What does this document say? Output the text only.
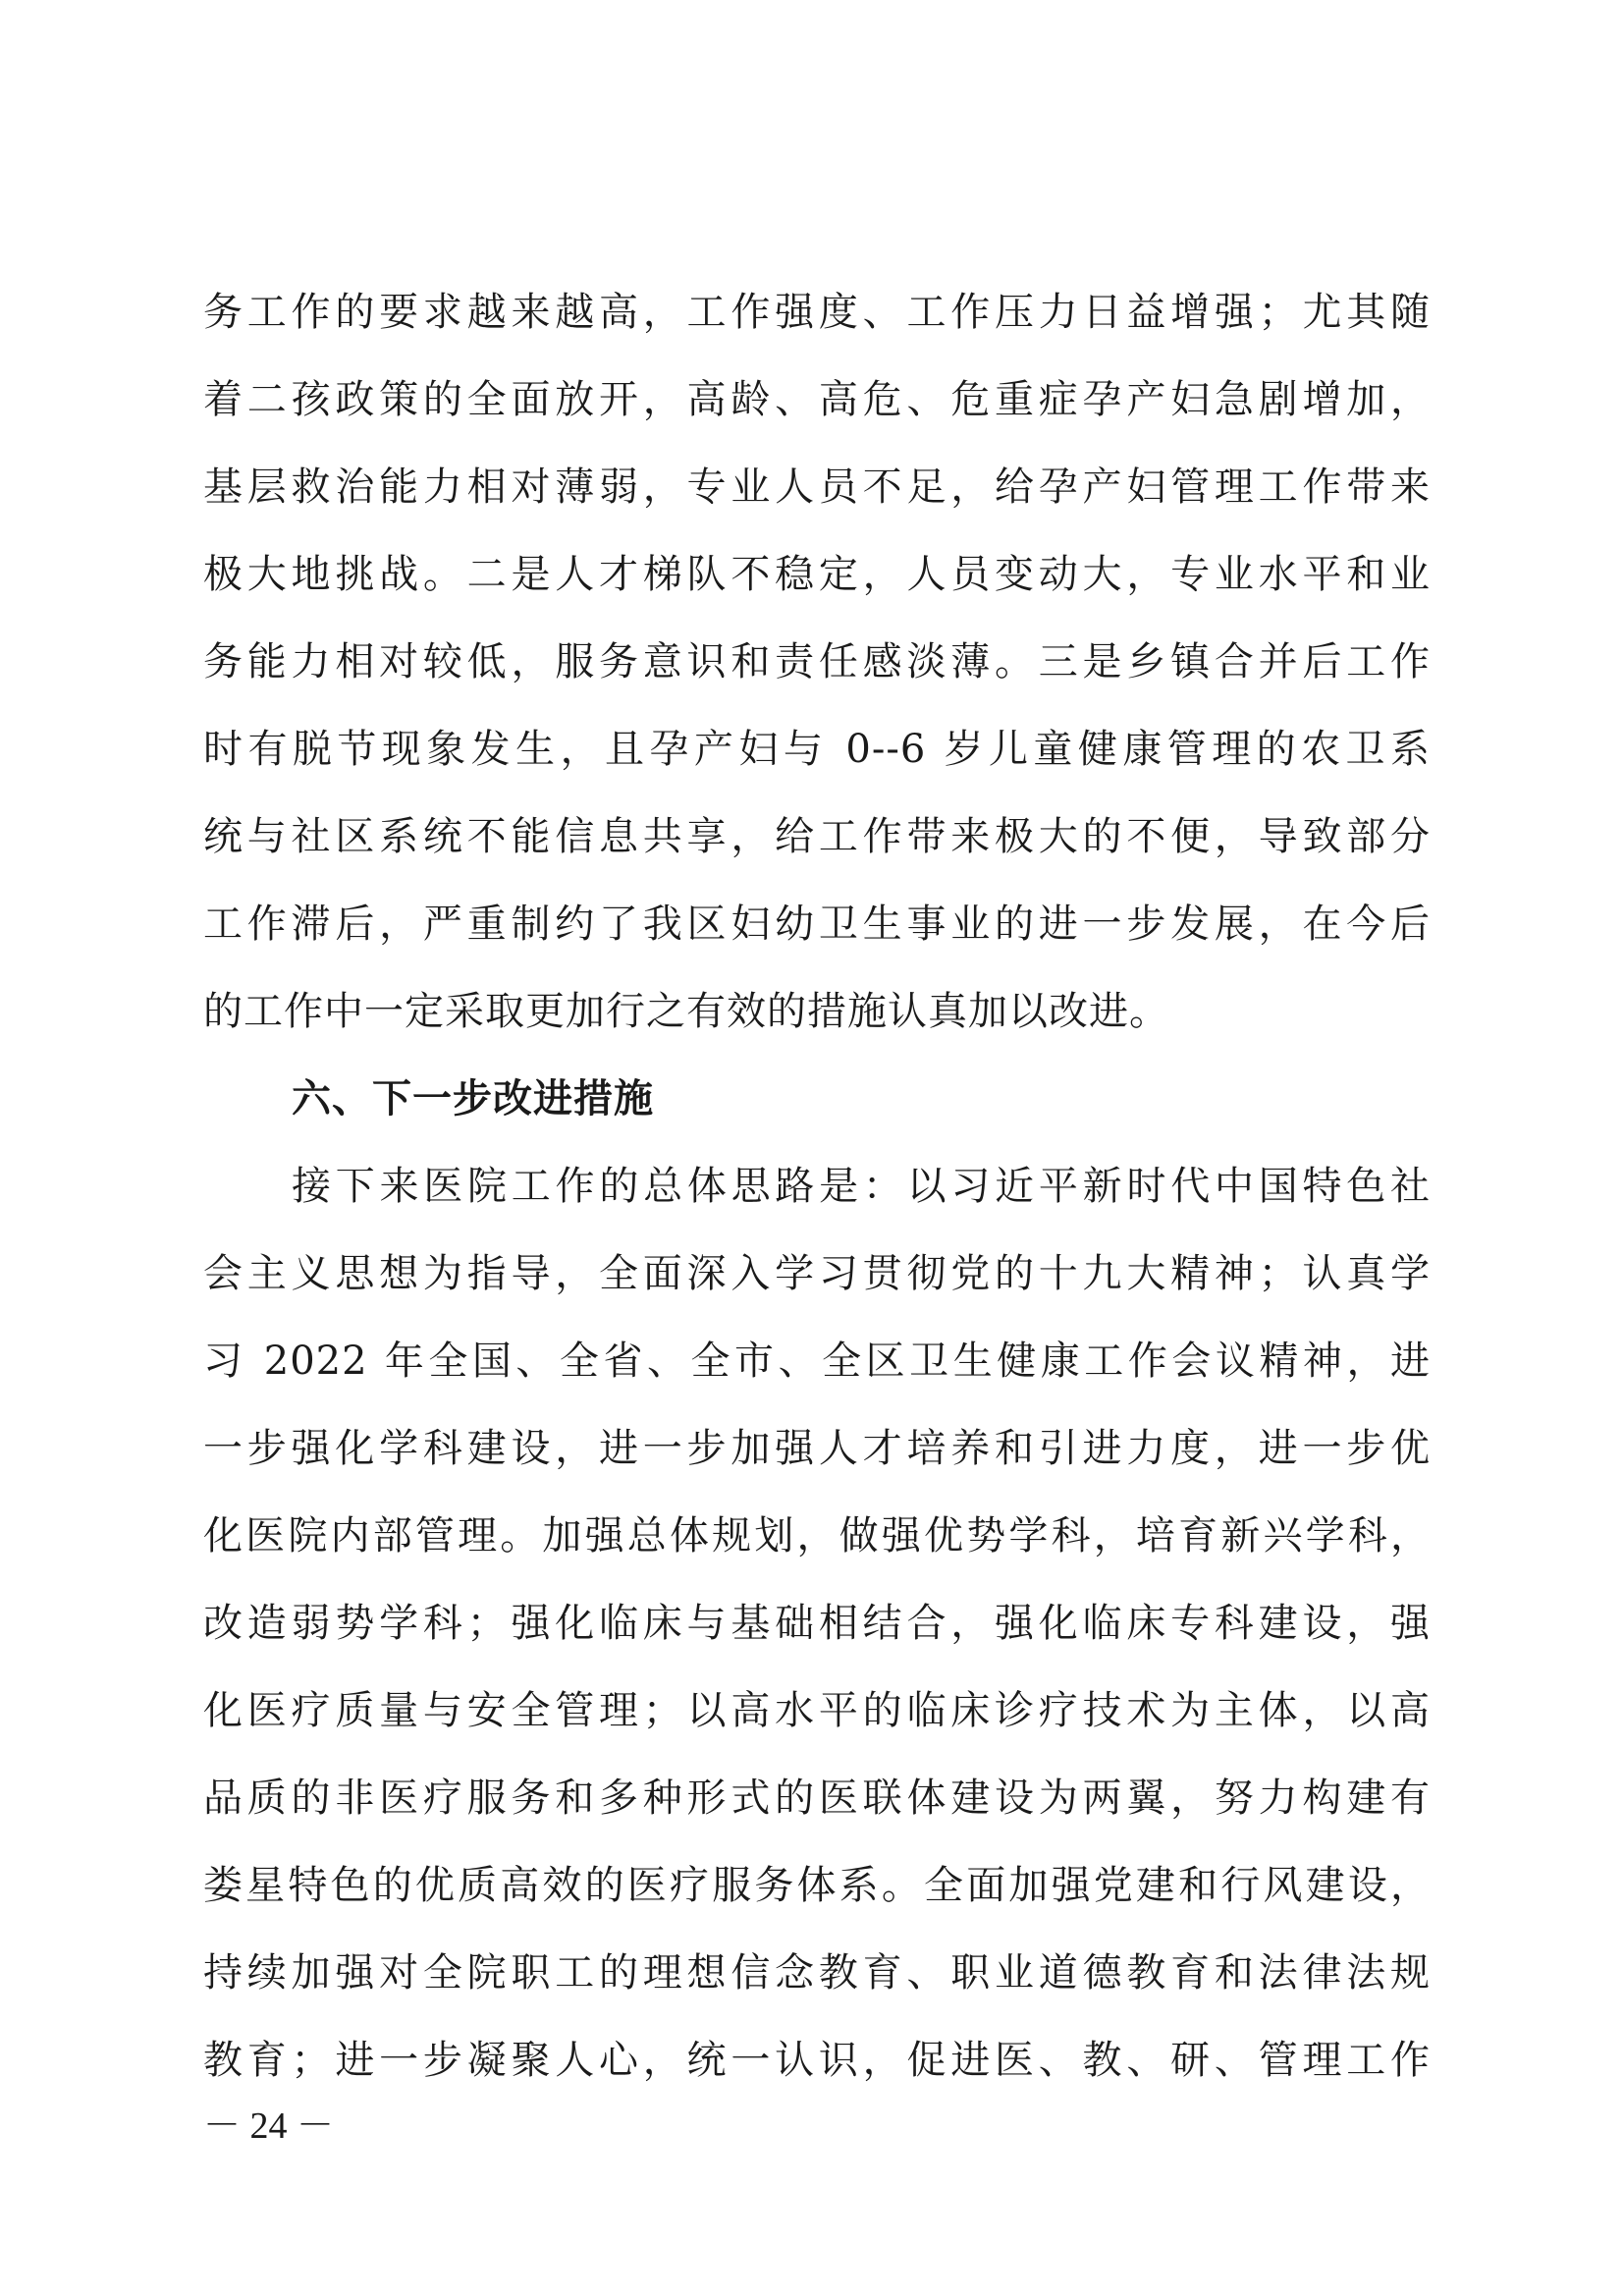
务工作的要求越来越高，工作强度、工作压力日益增强；尤其随
着二孩政策的全面放开，高龄、高危、危重症孕产妇急剧增加，
基层救治能力相对薄弱，专业人员不足，给孕产妇管理工作带来
极大地挑战。二是人才梯队不稳定，人员变动大，专业水平和业
务能力相对较低，服务意识和责任感淡薄。三是乡镇合并后工作
时有脱节现象发生，且孕产妇与 0--6 岁儿童健康管理的农卫系
统与社区系统不能信息共享，给工作带来极大的不便，导致部分
工作滞后，严重制约了我区妇幼卫生事业的进一步发展，在今后
的工作中一定采取更加行之有效的措施认真加以改进。
六、下一步改进措施
接下来医院工作的总体思路是：以习近平新时代中国特色社
会主义思想为指导，全面深入学习贯彻党的十九大精神；认真学
习 2022 年全国、全省、全市、全区卫生健康工作会议精神，进
一步强化学科建设，进一步加强人才培养和引进力度，进一步优
化医院内部管理。加强总体规划，做强优势学科，培育新兴学科，
改造弱势学科；强化临床与基础相结合，强化临床专科建设，强
化医疗质量与安全管理；以高水平的临床诊疗技术为主体，以高
品质的非医疗服务和多种形式的医联体建设为两翼，努力构建有
娄星特色的优质高效的医疗服务体系。全面加强党建和行风建设，
持续加强对全院职工的理想信念教育、职业道德教育和法律法规
教育；进一步凝聚人心，统一认识，促进医、教、研、管理工作
－ 24 －
